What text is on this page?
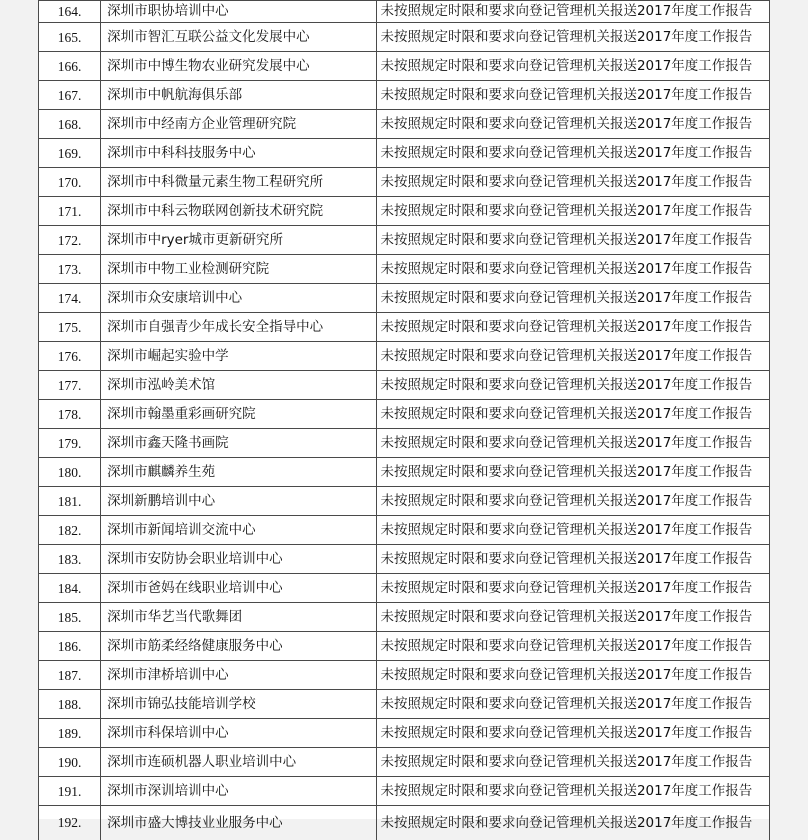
164.	深圳市职协培训中心	未按照规定时限和要求向登记管理机关报送2017年度工作报告

165.	深圳市智汇互联公益文化发展中心	未按照规定时限和要求向登记管理机关报送2017年度工作报告

166.	深圳市中博生物农业研究发展中心	未按照规定时限和要求向登记管理机关报送2017年度工作报告

167.	深圳市中帆航海俱乐部	未按照规定时限和要求向登记管理机关报送2017年度工作报告

168.	深圳市中经南方企业管理研究院	未按照规定时限和要求向登记管理机关报送2017年度工作报告

169.	深圳市中科科技服务中心	未按照规定时限和要求向登记管理机关报送2017年度工作报告

170.	深圳市中科微量元素生物工程研究所	未按照规定时限和要求向登记管理机关报送2017年度工作报告

171.	深圳市中科云物联网创新技术研究院	未按照规定时限和要求向登记管理机关报送2017年度工作报告

172.	深圳市中ryer城市更新研究所	未按照规定时限和要求向登记管理机关报送2017年度工作报告

173.	深圳市中物工业检测研究院	未按照规定时限和要求向登记管理机关报送2017年度工作报告

174.	深圳市众安康培训中心	未按照规定时限和要求向登记管理机关报送2017年度工作报告

175.	深圳市自强青少年成长安全指导中心	未按照规定时限和要求向登记管理机关报送2017年度工作报告

176.	深圳市崛起实验中学	未按照规定时限和要求向登记管理机关报送2017年度工作报告

177.	深圳市泓岭美术馆	未按照规定时限和要求向登记管理机关报送2017年度工作报告

178.	深圳市翰墨重彩画研究院	未按照规定时限和要求向登记管理机关报送2017年度工作报告

179.	深圳市鑫天隆书画院	未按照规定时限和要求向登记管理机关报送2017年度工作报告

180.	深圳市麒麟养生苑	未按照规定时限和要求向登记管理机关报送2017年度工作报告

181.	深圳新鹏培训中心	未按照规定时限和要求向登记管理机关报送2017年度工作报告

182.	深圳市新闻培训交流中心	未按照规定时限和要求向登记管理机关报送2017年度工作报告

183.	深圳市安防协会职业培训中心	未按照规定时限和要求向登记管理机关报送2017年度工作报告

184.	深圳市爸妈在线职业培训中心	未按照规定时限和要求向登记管理机关报送2017年度工作报告

185.	深圳市华艺当代歌舞团	未按照规定时限和要求向登记管理机关报送2017年度工作报告

186.	深圳市筋柔经络健康服务中心	未按照规定时限和要求向登记管理机关报送2017年度工作报告

187.	深圳市津桥培训中心	未按照规定时限和要求向登记管理机关报送2017年度工作报告

188.	深圳市锦弘技能培训学校	未按照规定时限和要求向登记管理机关报送2017年度工作报告

189.	深圳市科保培训中心	未按照规定时限和要求向登记管理机关报送2017年度工作报告

190.	深圳市连硕机器人职业培训中心	未按照规定时限和要求向登记管理机关报送2017年度工作报告

191.	深圳市深训培训中心	未按照规定时限和要求向登记管理机关报送2017年度工作报告

192.	深圳市盛大博技业业服务中心	未按照规定时限和要求向登记管理机关报送2017年度工作报告
